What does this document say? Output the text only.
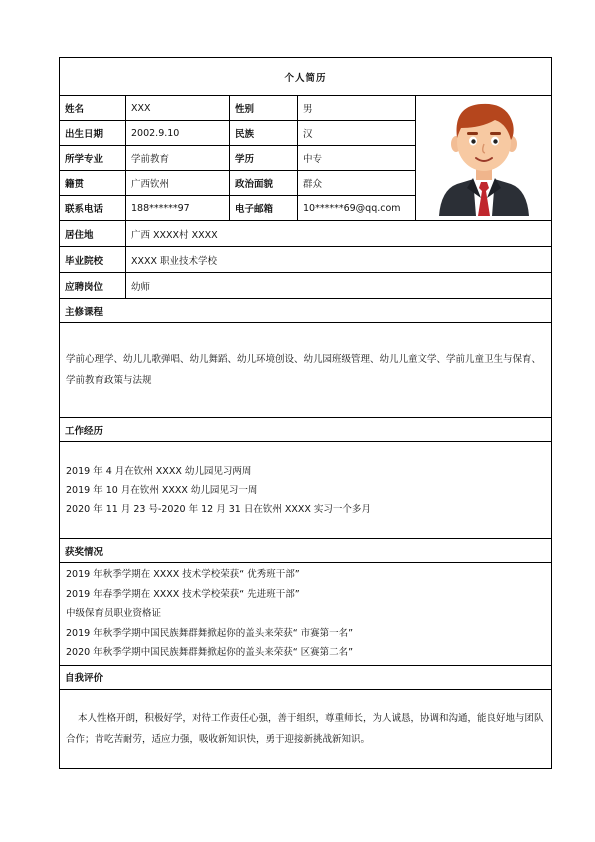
个人简历				
姓名	XXX	性别	男	
出生日期	2002.9.10	民族	汉	
所学专业	学前教育	学历	中专	
籍贯	广西钦州	政治面貌	群众	
联系电话	188******97	电子邮箱	10******69@qq.com	
居住地	广西 XXXX村 XXXX			
毕业院校	XXXX 职业技术学校			
应聘岗位	幼师			
主修课程				
学前心理学、幼儿儿歌弹唱、幼儿舞蹈、幼儿环境创设、幼儿园班级管理、幼儿儿童文学、学前儿童卫生与保育、学前教育政策与法规				
工作经历				

2019 年 4 月在钦州 XXXX 幼儿园见习两周
2019 年 10 月在钦州 XXXX 幼儿园见习一周
2020 年 11 月 23 号-2020 年 12 月 31 日在钦州 XXXX 实习一个多月				

获奖情况				

2019 年秋季学期在 XXXX 技术学校荣获“ 优秀班干部”
2019 年春季学期在 XXXX 技术学校荣获“ 先进班干部”
中级保育员职业资格证
2019 年秋季学期中国民族舞群舞掀起你的盖头来荣获“ 市赛第一名”
2020 年秋季学期中国民族舞群舞掀起你的盖头来荣获“ 区赛第二名”				

自我评价				
本人性格开朗，积极好学，对待工作责任心强，善于组织，尊重师长，为人诚恳，协调和沟通，能良好地与团队合作；肯吃苦耐劳，适应力强，吸收新知识快，勇于迎接新挑战新知识。				
